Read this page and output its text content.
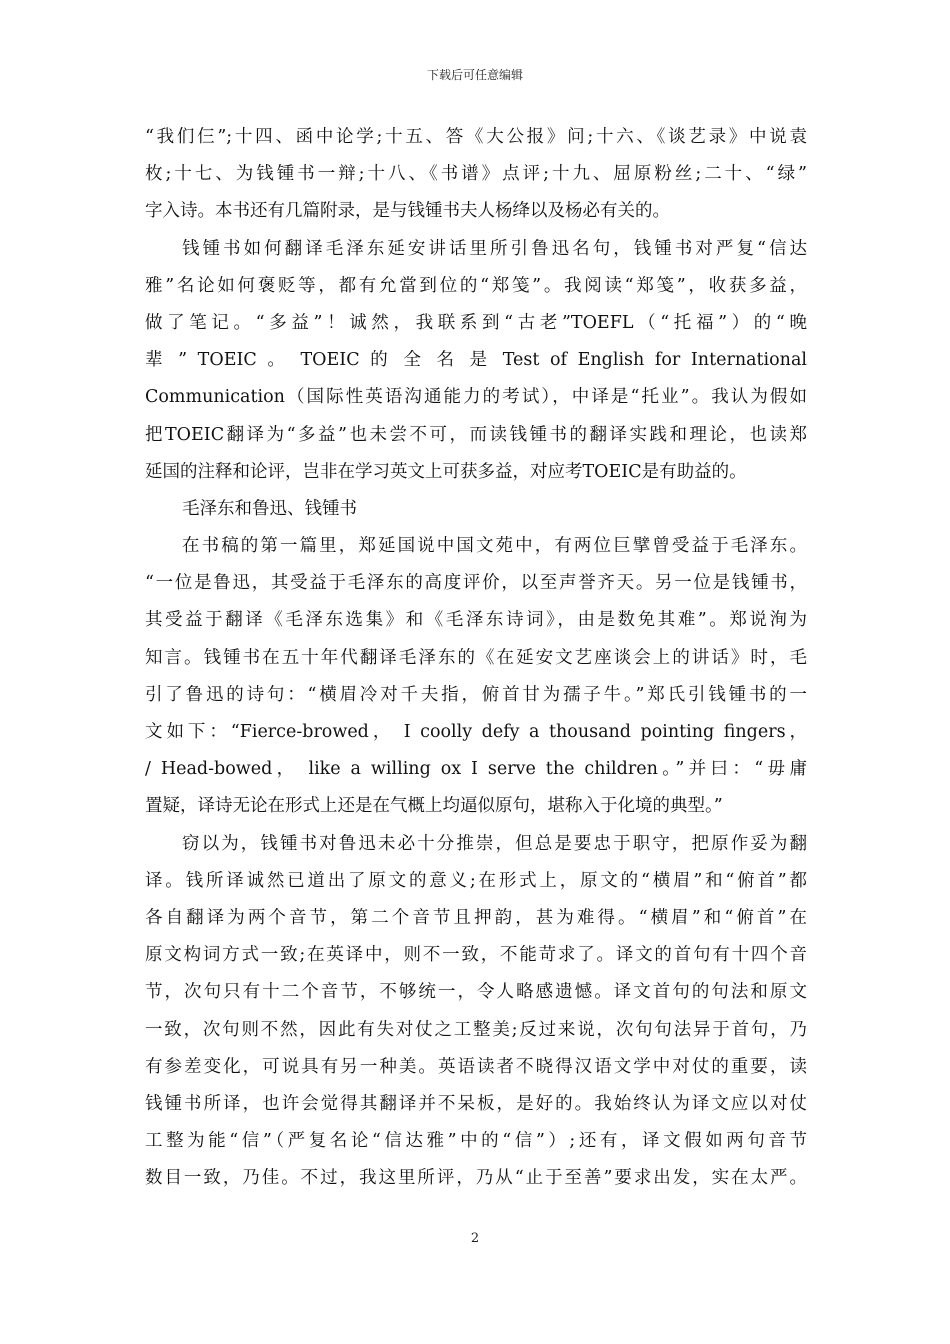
下载后可任意编辑
“我们仨”;十四、函中论学;十五、答《大公报》问;十六、《谈艺录》中说袁
枚;十七、为钱锺书一辩;十八、《书谱》点评;十九、屈原粉丝;二十、“绿”
字入诗。本书还有几篇附录，是与钱锺书夫人杨绛以及杨必有关的。
钱锺书如何翻译毛泽东延安讲话里所引鲁迅名句，钱锺书对严复“信达
雅”名论如何褒贬等，都有允當到位的“郑笺”。我阅读“郑笺”，收获多益，
做了笔记。“多益”！诚然，我联系到“古老”TOEFL（“托福”）的“晚
辈 ” TOEIC 。 TOEIC 的 全 名 是 Test of English for International
Communication（国际性英语沟通能力的考试），中译是“托业”。我认为假如
把TOEIC翻译为“多益”也未尝不可，而读钱锺书的翻译实践和理论，也读郑
延国的注释和论评，岂非在学习英文上可获多益，对应考TOEIC是有助益的。
毛泽东和鲁迅、钱锺书
在书稿的第一篇里，郑延国说中国文苑中，有两位巨擘曾受益于毛泽东。
“一位是鲁迅，其受益于毛泽东的高度评价，以至声誉齐天。另一位是钱锺书，
其受益于翻译《毛泽东选集》和《毛泽东诗词》，由是数免其难”。郑说洵为
知言。钱锺书在五十年代翻译毛泽东的《在延安文艺座谈会上的讲话》时，毛
引了鲁迅的诗句：“横眉冷对千夫指，俯首甘为孺子牛。”郑氏引钱锺书的一
文如下：“Fierce-browed， I coolly defy a thousand pointing fingers，
/ Head-bowed， like a willing ox I serve the children。”并曰：“毋庸
置疑，译诗无论在形式上还是在气概上均逼似原句，堪称入于化境的典型。”
窃以为，钱锺书对鲁迅未必十分推崇，但总是要忠于职守，把原作妥为翻
译。钱所译诚然已道出了原文的意义;在形式上，原文的“横眉”和“俯首”都
各自翻译为两个音节，第二个音节且押韵，甚为难得。“横眉”和“俯首”在
原文构词方式一致;在英译中，则不一致，不能苛求了。译文的首句有十四个音
节，次句只有十二个音节，不够统一，令人略感遗憾。译文首句的句法和原文
一致，次句则不然，因此有失对仗之工整美;反过来说，次句句法异于首句，乃
有参差变化，可说具有另一种美。英语读者不晓得汉语文学中对仗的重要，读
钱锺书所译，也许会觉得其翻译并不呆板，是好的。我始终认为译文应以对仗
工整为能“信”（严复名论“信达雅”中的“信”）;还有，译文假如两句音节
数目一致，乃佳。不过，我这里所评，乃从“止于至善”要求出发，实在太严。
2
